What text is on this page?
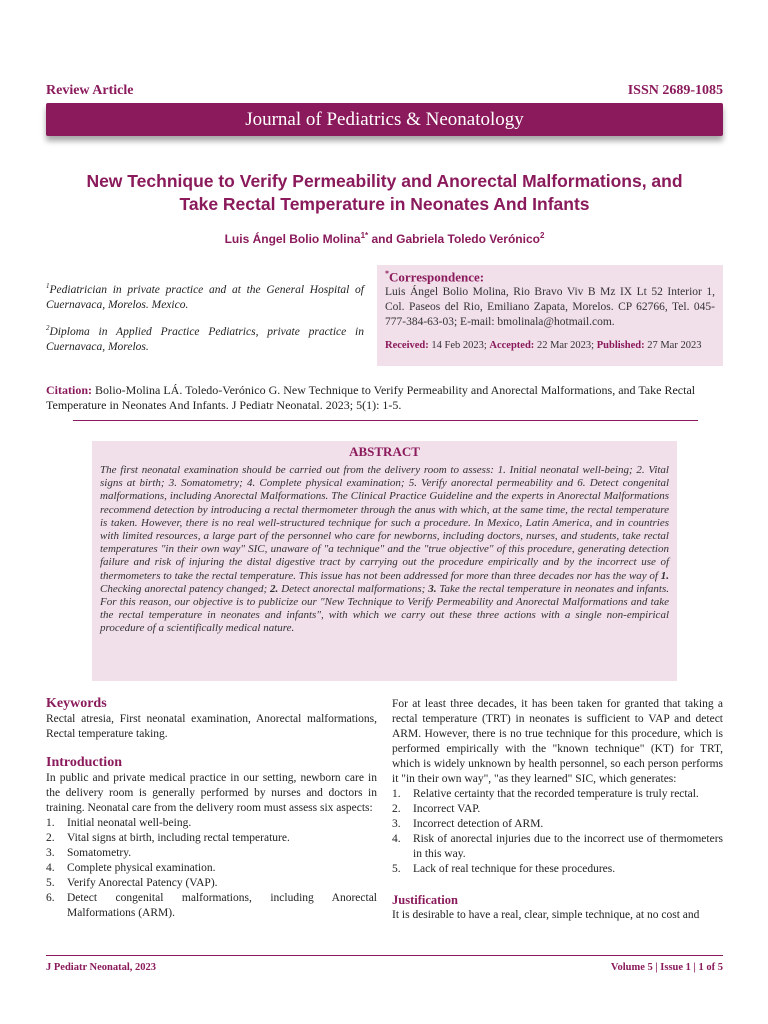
Review Article	ISSN 2689-1085
Journal of Pediatrics & Neonatology
New Technique to Verify Permeability and Anorectal Malformations, and
Take Rectal Temperature in Neonates And Infants
Luis Ángel Bolio Molina$^{1*}$ and Gabriela Toledo Verónico$^2$
$^1$Pediatrician in private practice and at the General Hospital of Cuernavaca, Morelos. Mexico.
$^2$Diploma in Applied Practice Pediatrics, private practice in Cuernavaca, Morelos.
*Correspondence:
Luis Ángel Bolio Molina, Rio Bravo Viv B Mz IX Lt 52 Interior 1, Col. Paseos del Rio, Emiliano Zapata, Morelos. CP 62766, Tel. 045-777-384-63-03; E-mail: bmolinala@hotmail.com.
Received: 14 Feb 2023; Accepted: 22 Mar 2023; Published: 27 Mar 2023
Citation: Bolio-Molina LÁ. Toledo-Verónico G. New Technique to Verify Permeability and Anorectal Malformations, and Take Rectal Temperature in Neonates And Infants. J Pediatr Neonatal. 2023; 5(1): 1-5.
ABSTRACT
The first neonatal examination should be carried out from the delivery room to assess: 1. Initial neonatal well-being; 2. Vital signs at birth; 3. Somatometry; 4. Complete physical examination; 5. Verify anorectal permeability and 6. Detect congenital malformations, including Anorectal Malformations. The Clinical Practice Guideline and the experts in Anorectal Malformations recommend detection by introducing a rectal thermometer through the anus with which, at the same time, the rectal temperature is taken. However, there is no real well-structured technique for such a procedure. In Mexico, Latin America, and in countries with limited resources, a large part of the personnel who care for newborns, including doctors, nurses, and students, take rectal temperatures "in their own way" SIC, unaware of "a technique" and the "true objective" of this procedure, generating detection failure and risk of injuring the distal digestive tract by carrying out the procedure empirically and by the incorrect use of thermometers to take the rectal temperature. This issue has not been addressed for more than three decades nor has the way of 1. Checking anorectal patency changed; 2. Detect anorectal malformations; 3. Take the rectal temperature in neonates and infants. For this reason, our objective is to publicize our "New Technique to Verify Permeability and Anorectal Malformations and take the rectal temperature in neonates and infants", with which we carry out these three actions with a single non-empirical procedure of a scientifically medical nature.
Keywords
Rectal atresia, First neonatal examination, Anorectal malformations, Rectal temperature taking.
Introduction
In public and private medical practice in our setting, newborn care in the delivery room is generally performed by nurses and doctors in training. Neonatal care from the delivery room must assess six aspects:
1.	Initial neonatal well-being.
2.	Vital signs at birth, including rectal temperature.
3.	Somatometry.
4.	Complete physical examination.
5.	Verify Anorectal Patency (VAP).
6.	Detect congenital malformations, including Anorectal Malformations (ARM).
For at least three decades, it has been taken for granted that taking a rectal temperature (TRT) in neonates is sufficient to VAP and detect ARM. However, there is no true technique for this procedure, which is performed empirically with the "known technique" (KT) for TRT, which is widely unknown by health personnel, so each person performs it "in their own way", "as they learned" SIC, which generates:
1.	Relative certainty that the recorded temperature is truly rectal.
2.	Incorrect VAP.
3.	Incorrect detection of ARM.
4.	Risk of anorectal injuries due to the incorrect use of thermometers in this way.
5.	Lack of real technique for these procedures.
Justification
It is desirable to have a real, clear, simple technique, at no cost and
J Pediatr Neonatal, 2023	Volume 5 | Issue 1 | 1 of 5
